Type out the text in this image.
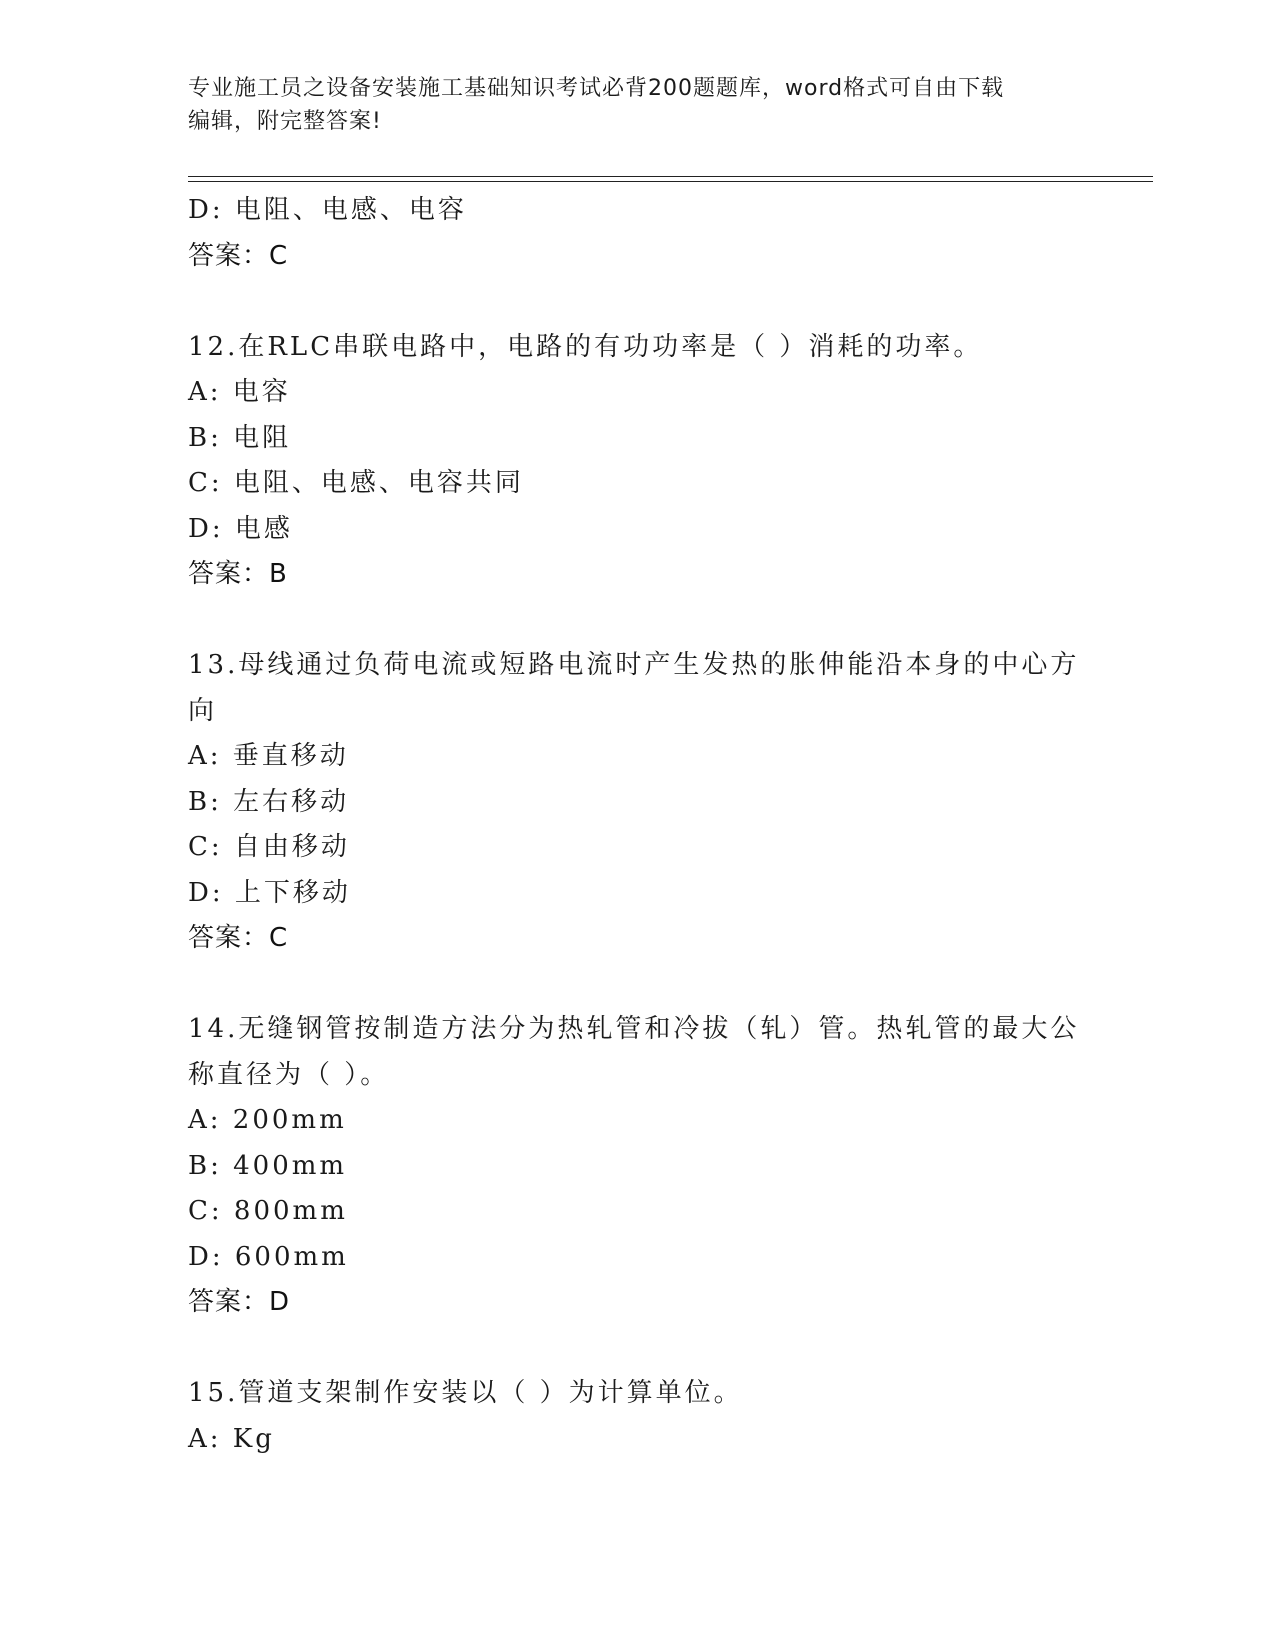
专业施工员之设备安装施工基础知识考试必背200题题库，word格式可自由下载
编辑，附完整答案!
D: 电阻、电感、电容
答案：C
12.在RLC串联电路中，电路的有功功率是（ ）消耗的功率。
A: 电容
B: 电阻
C: 电阻、电感、电容共同
D: 电感
答案：B
13.母线通过负荷电流或短路电流时产生发热的胀伸能沿本身的中心方
向
A: 垂直移动
B: 左右移动
C: 自由移动
D: 上下移动
答案：C
14.无缝钢管按制造方法分为热轧管和冷拔（轧）管。热轧管的最大公
称直径为（ ）。
A: 200mm
B: 400mm
C: 800mm
D: 600mm
答案：D
15.管道支架制作安装以（ ）为计算单位。
A: Kg
